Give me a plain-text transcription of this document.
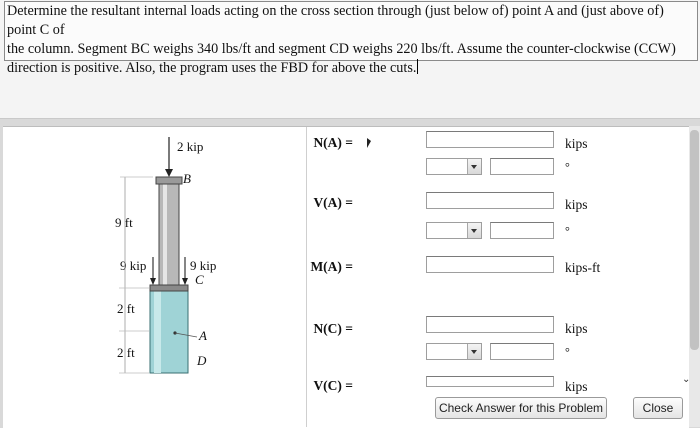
Determine the resultant internal loads acting on the cross section through (just below of) point A and (just above of) point C of

the column. Segment BC weighs 340 lbs/ft and segment CD weighs 220 lbs/ft. Assume the counter-clockwise (CCW)

direction is positive. Also, the program uses the FBD for above the cuts.

2 kip
B
9 kip	9 kip
C
9 ft
2 ft
2 ft
A
D
N(A) =	kips
°
V(A) =	kips
°
M(A) =	kips-ft
N(C) =	kips
°
V(C) =	kips
Check Answer for this Problem	Close
⌄
